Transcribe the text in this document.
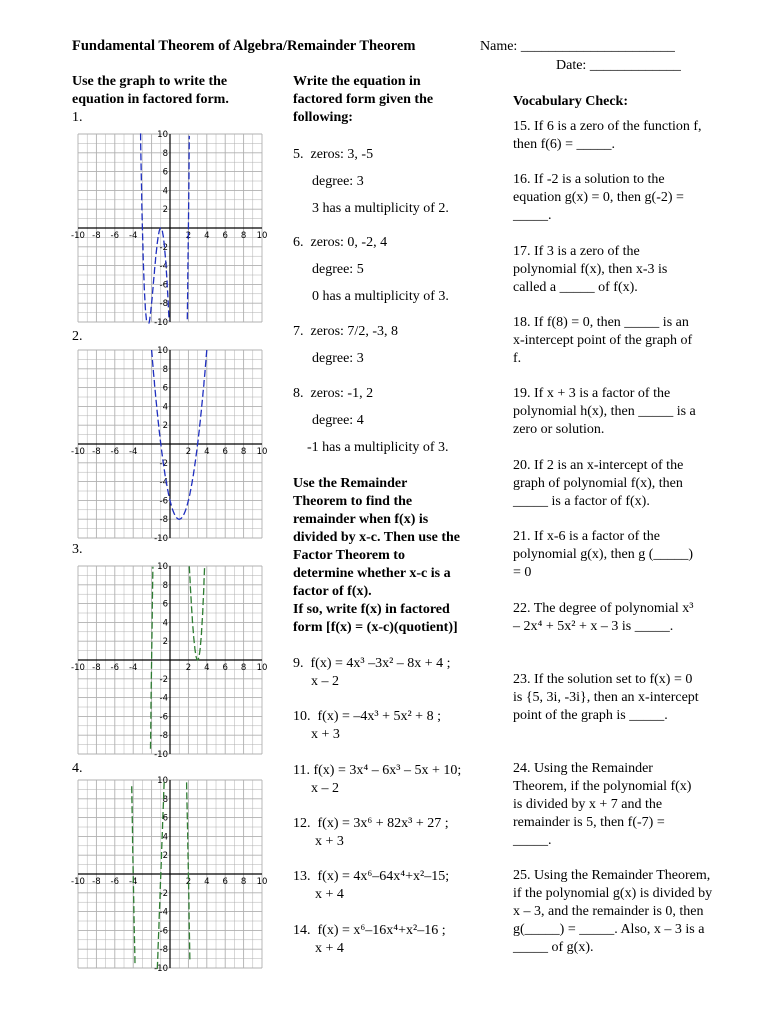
Fundamental Theorem of Algebra/Remainder Theorem	Name: ______________________
Date: _____________
Use the graph to write the
equation in factored form.
1.
2.
3.
4.
-10 -8 -6 -4	2 4 6 8 10
10
8
6
4
2
-2
-4
-6
-8
-10
-10 -8 -6 -4	2 4 6 8 10
10
8
6
4
2
-2
-4
-6
-8
-10
-10 -8 -6 -4	2 4 6 8 10
10
8
6
4
2
-2
-4
-6
-8
-10
-10 -8 -6 -4	2 4 6 8 10
10
8
6
4
2
-2
-4
-6
-8
-10
Write the equation in
factored form given the
following:
5. zeros: 3, -5
degree: 3
3 has a multiplicity of 2.
6. zeros: 0, -2, 4
degree: 5
0 has a multiplicity of 3.
7. zeros: 7/2, -3, 8
degree: 3
8. zeros: -1, 2
degree: 4
-1 has a multiplicity of 3.
Use the Remainder
Theorem to find the
remainder when f(x) is
divided by x-c. Then use the
Factor Theorem to
determine whether x-c is a
factor of f(x).
If so, write f(x) in factored
form [f(x) = (x-c)(quotient)]
9. f(x) = 4x³ –3x² – 8x + 4 ;
x – 2
10. f(x) = –4x³ + 5x² + 8 ;
x + 3
11. f(x) = 3x⁴ – 6x³ – 5x + 10;
x – 2
12. f(x) = 3x⁶ + 82x³ + 27 ;
x + 3
13. f(x) = 4x⁶–64x⁴+x²–15;
x + 4
14. f(x) = x⁶–16x⁴+x²–16 ;
x + 4
Vocabulary Check:
15. If 6 is a zero of the function f, then f(6) = _____.
16. If -2 is a solution to the equation g(x) = 0, then g(-2) = _____.
17. If 3 is a zero of the polynomial f(x), then x-3 is called a _____ of f(x).
18. If f(8) = 0, then _____ is an x-intercept point of the graph of f.
19. If x + 3 is a factor of the polynomial h(x), then _____ is a zero or solution.
20. If 2 is an x-intercept of the graph of polynomial f(x), then _____ is a factor of f(x).
21. If x-6 is a factor of the polynomial g(x), then g (_____) = 0
22. The degree of polynomial x³ – 2x⁴ + 5x² + x – 3 is _____.
23. If the solution set to f(x) = 0 is {5, 3i, -3i}, then an x-intercept point of the graph is _____.
24. Using the Remainder Theorem, if the polynomial f(x) is divided by x + 7 and the remainder is 5, then f(-7) = _____.
25. Using the Remainder Theorem, if the polynomial g(x) is divided by x – 3, and the remainder is 0, then g(_____) = _____. Also, x – 3 is a _____ of g(x).
